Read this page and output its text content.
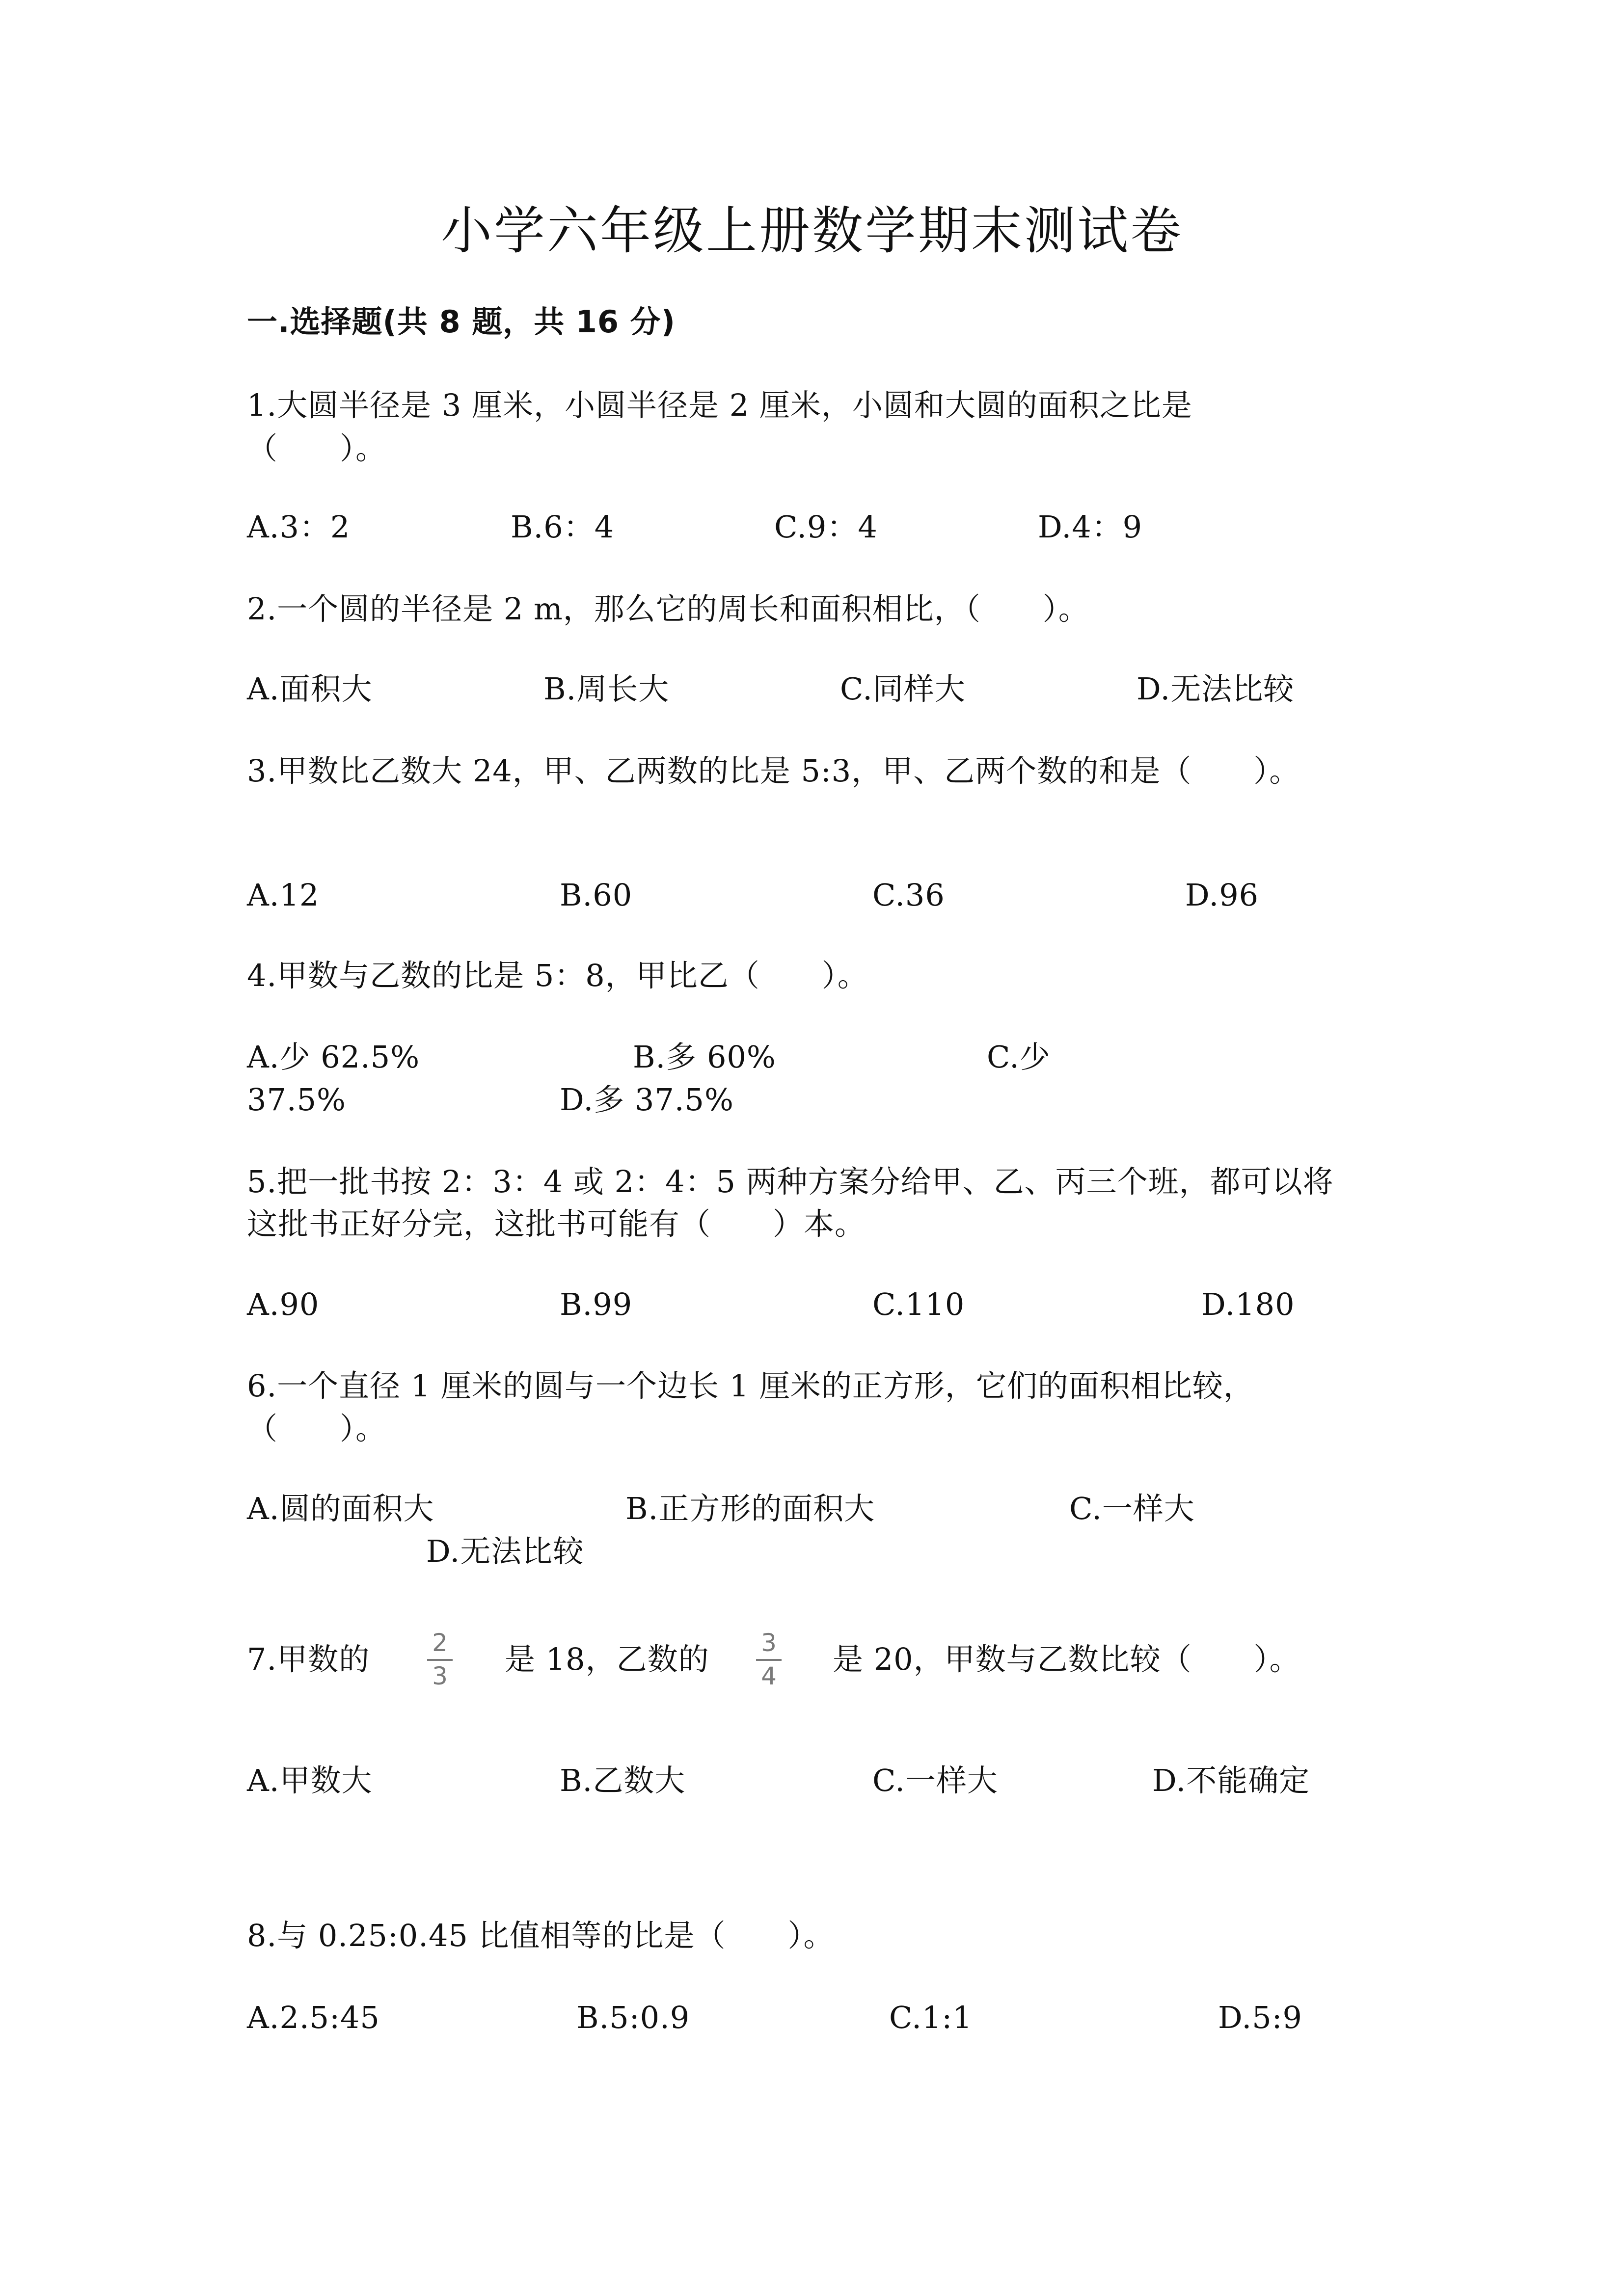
小学六年级上册数学期末测试卷
一.选择题(共 8 题，共 16 分)
1.大圆半径是 3 厘米，小圆半径是 2 厘米，小圆和大圆的面积之比是
（　　）。
A.3：2	B.6：4	C.9：4	D.4：9
2.一个圆的半径是 2 m，那么它的周长和面积相比，（　　）。
A.面积大	B.周长大	C.同样大	D.无法比较
3.甲数比乙数大 24，甲、乙两数的比是 5:3，甲、乙两个数的和是（　　）。
A.12	B.60	C.36	D.96
4.甲数与乙数的比是 5：8，甲比乙（　　）。
A.少 62.5%	B.多 60%	C.少
37.5%	D.多 37.5%
5.把一批书按 2：3：4 或 2：4：5 两种方案分给甲、乙、丙三个班，都可以将
这批书正好分完，这批书可能有（　　）本。
A.90	B.99	C.110	D.180
6.一个直径 1 厘米的圆与一个边长 1 厘米的正方形，它们的面积相比较，
（　　）。
A.圆的面积大	B.正方形的面积大	C.一样大
D.无法比较
7.甲数的	2
3 是 18，乙数的 3
4 是 20，甲数与乙数比较（　　）。
A.甲数大	B.乙数大	C.一样大	D.不能确定
8.与 0.25:0.45 比值相等的比是（　　）。
A.2.5:45	B.5:0.9	C.1:1	D.5:9
